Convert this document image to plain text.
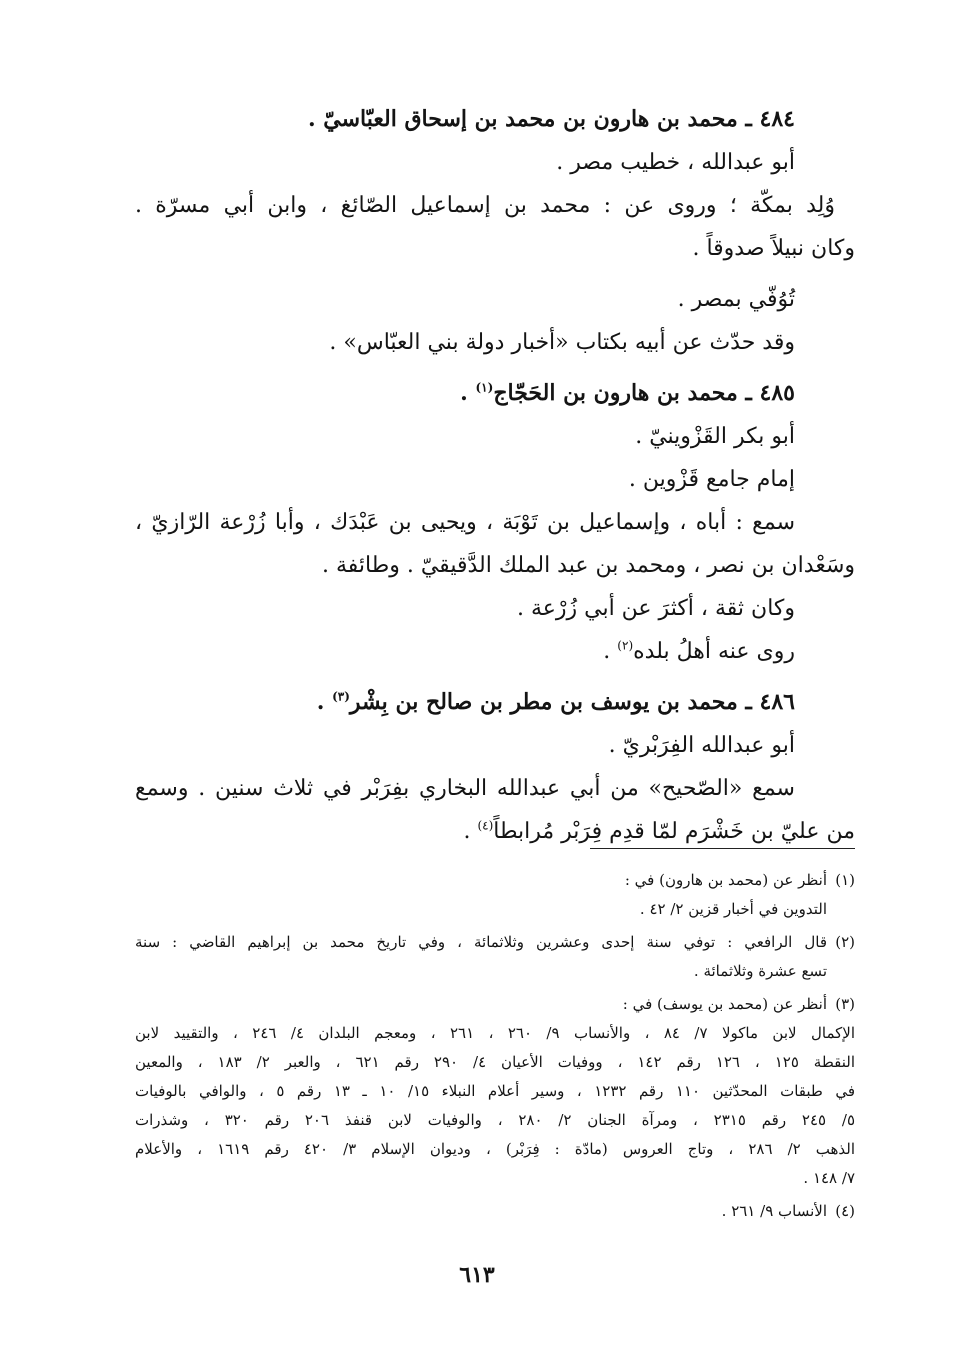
٤٨٤ ـ محمد بن هارون بن محمد بن إسحاق العبّاسيّ .
أبو عبدالله ، خطيب مصر .
وُلِد بمكّة ؛ وروى عن : محمد بن إسماعيل الصّائغ ، وابن أبي مسرّة .
وكان نبيلاً صدوقاً .
تُوُفّي بمصر .
وقد حدّث عن أبيه بكتاب «أخبار دولة بني العبّاس» .
٤٨٥ ـ محمد بن هارون بن الحَجّاج$^{(١)}$ .
أبو بكر القَزْوينيّ .
إمام جامع قَزْوين .
سمع : أباه ، وإسماعيل بن تَوْبَة ، ويحيى بن عَبْدَك ، وأبا زُرْعة الرّازيّ ،
وسَعْدان بن نصر ، ومحمد بن عبد الملك الدَّقيقيّ . وطائفة .
وكان ثقة ، أكثرَ عن أبي زُرْعة .
روى عنه أهلُ بلده$^{(٢)}$ .
٤٨٦ ـ محمد بن يوسف بن مطر بن صالح بن بِشْر$^{(٣)}$ .
أبو عبدالله الفِرَبْريّ .
سمع «الصّحيح» من أبي عبدالله البخاري بفِرَبْر في ثلاث سنين . وسمع
من عليّ بن خَشْرَم لمّا قدِم فِرَبْر مُرابطاً$^{(٤)}$ .
(١)
أنظر عن (محمد بن هارون) في :
التدوين في أخبار قزين ٢/ ٤٢ .
(٢)
قال الرافعي : توفي سنة إحدى وعشرين وثلاثمائة ، وفي تاريخ محمد بن إبراهيم القاضي : سنة
تسع عشرة وثلاثمائة .
(٣)
أنظر عن (محمد بن يوسف) في :
الإكمال لابن ماكولا ٧/ ٨٤ ، والأنساب ٩/ ٢٦٠ ، ٢٦١ ، ومعجم البلدان ٤/ ٢٤٦ ، والتقييد لابن
النقطة ١٢٥ ، ١٢٦ رقم ١٤٢ ، ووفيات الأعيان ٤/ ٢٩٠ رقم ٦٢١ ، والعبر ٢/ ١٨٣ ، والمعين
في طبقات المحدّثين ١١٠ رقم ١٢٣٢ ، وسير أعلام النبلاء ١٥/ ١٠ ـ ١٣ رقم ٥ ، والوافي بالوفيات
٥/ ٢٤٥ رقم ٢٣١٥ ، ومرآة الجنان ٢/ ٢٨٠ ، والوفيات لابن قنفذ ٢٠٦ رقم ٣٢٠ ، وشذرات
الذهب ٢/ ٢٨٦ ، وتاج العروس (مادّة : فِرَبْر) ، وديوان الإسلام ٣/ ٤٢٠ رقم ١٦١٩ ، والأعلام
٧/ ١٤٨ .
(٤)
الأنساب ٩/ ٢٦١ .
٦١٣
